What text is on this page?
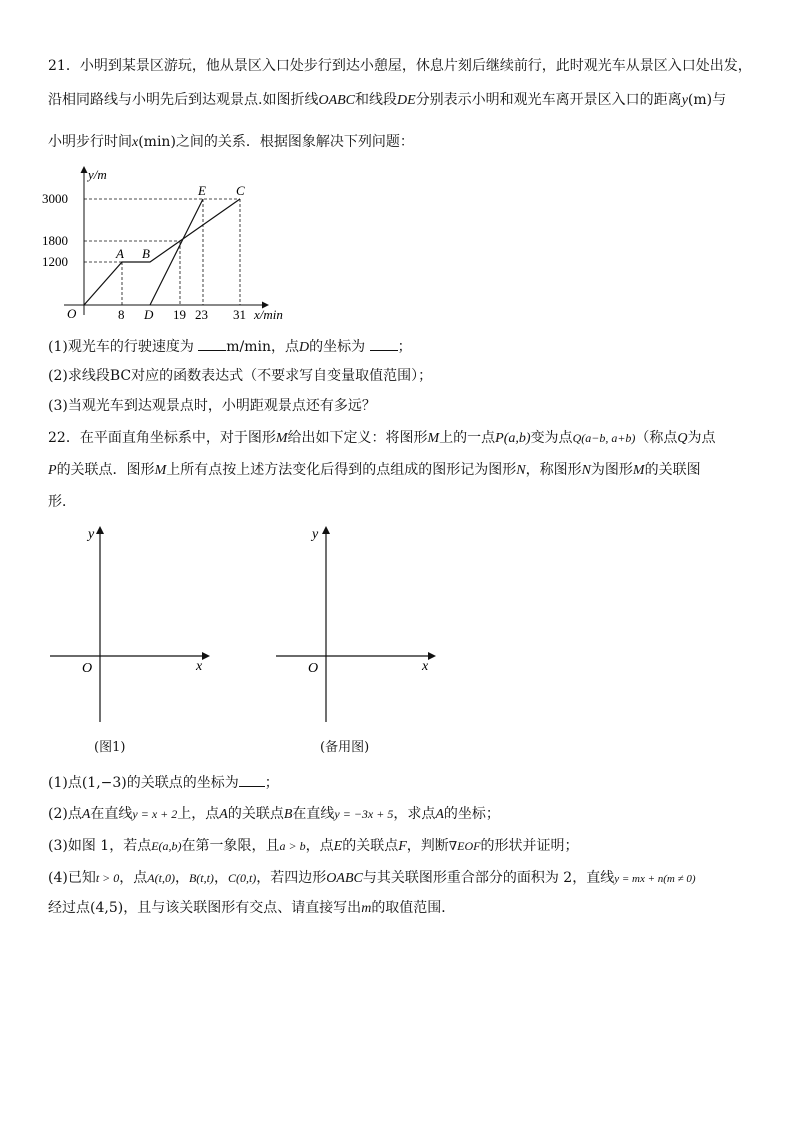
21．小明到某景区游玩，他从景区入口处步行到达小憩屋，休息片刻后继续前行，此时观光车从景区入口处出发，
沿相同路线与小明先后到达观景点.如图折线OABC和线段DE分别表示小明和观光车离开景区入口的距离y(m)与
小明步行时间x(min)之间的关系．根据图象解决下列问题：
y/m
x/min
O
3000
1800
1200
8 D 19 23 31
A B
E C
(1)观光车的行驶速度为 m/min，点D的坐标为 ；
(2)求线段BC对应的函数表达式（不要求写自变量取值范围）；
(3)当观光车到达观景点时，小明距观景点还有多远？
22．在平面直角坐标系中，对于图形M给出如下定义：将图形M上的一点P(a,b)变为点Q(a−b, a+b)（称点Q为点
P的关联点．图形M上所有点按上述方法变化后得到的点组成的图形记为图形N，称图形N为图形M的关联图
形．
y
x
O
(图1)
y
x
O
(备用图)
(1)点(1,−3)的关联点的坐标为 ；
(2)点A在直线y = x + 2上，点A的关联点B在直线y = −3x + 5，求点A的坐标；
(3)如图 1，若点E(a,b)在第一象限，且a > b，点E的关联点F，判断∇EOF的形状并证明；
(4)已知t > 0，点A(t,0)，B(t,t)，C(0,t)，若四边形OABC与其关联图形重合部分的面积为 2，直线y = mx + n(m ≠ 0)
经过点(4,5)，且与该关联图形有交点、请直接写出m的取值范围．
